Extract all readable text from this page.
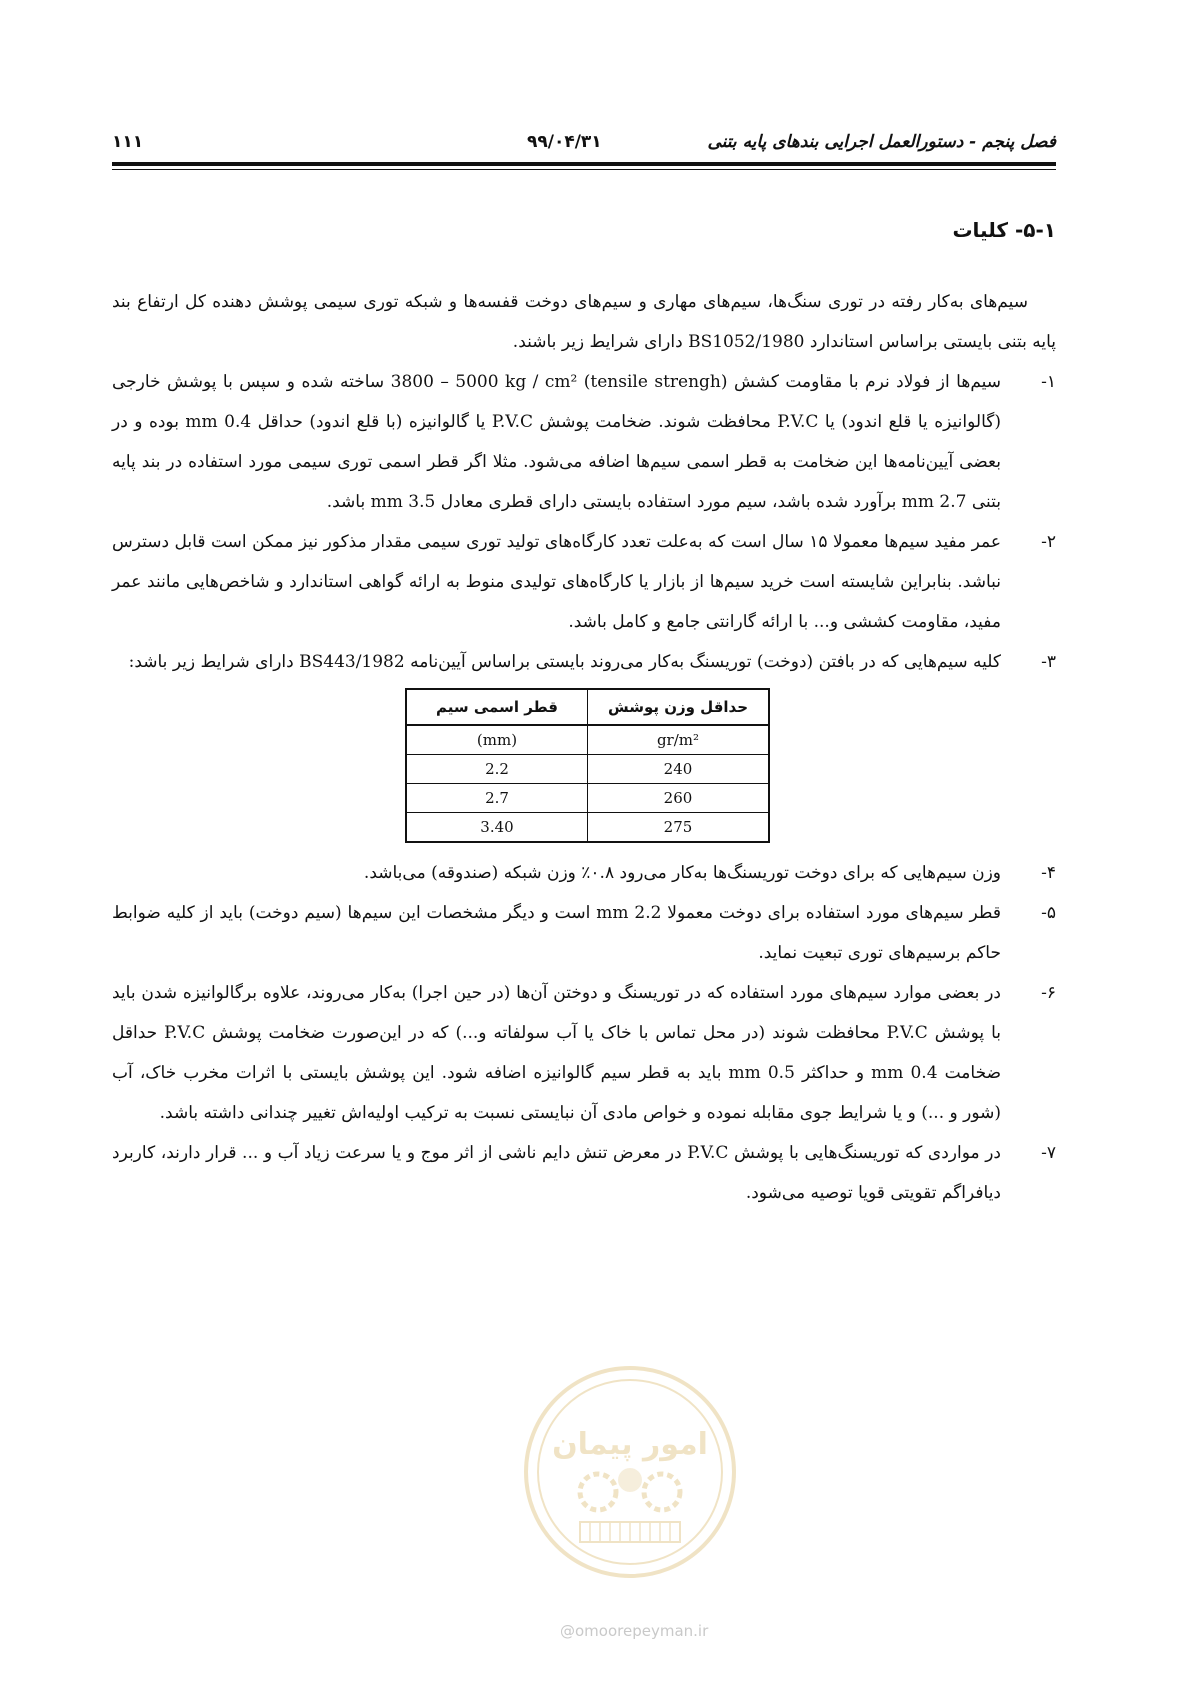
فصل پنجم - دستورالعمل اجرایی بندهای پایه بتنی
۹۹/۰۴/۳۱
۱۱۱
۵-۱- کلیات

سیم‌های به‌کار رفته در توری سنگ‌ها، سیم‌های مهاری و سیم‌های دوخت قفسه‌ها و شبکه توری سیمی پوشش دهنده کل ارتفاع بند پایه بتنی بایستی براساس استاندارد BS1052/1980 دارای شرایط زیر باشند.

۱-
سیم‌ها از فولاد نرم با مقاومت کشش (tensile strengh) 3800 – 5000 kg / cm² ساخته شده و سپس با پوشش خارجی (گالوانیزه یا قلع اندود) یا P.V.C محافظت شوند. ضخامت پوشش P.V.C یا گالوانیزه (با قلع اندود) حداقل 0.4 mm بوده و در بعضی آیین‌نامه‌ها این ضخامت به قطر اسمی سیم‌ها اضافه می‌شود. مثلا اگر قطر اسمی توری سیمی مورد استفاده در بند پایه بتنی 2.7 mm برآورد شده باشد، سیم مورد استفاده بایستی دارای قطری معادل 3.5 mm باشد.

۲-
عمر مفید سیم‌ها معمولا ۱۵ سال است که به‌علت تعدد کارگاه‌های تولید توری سیمی مقدار مذکور نیز ممکن است قابل دسترس نباشد. بنابراین شایسته است خرید سیم‌ها از بازار یا کارگاه‌های تولیدی منوط به ارائه گواهی استاندارد و شاخص‌هایی مانند عمر مفید، مقاومت کششی و... با ارائه گارانتی جامع و کامل باشد.

۳-
کلیه سیم‌هایی که در بافتن (دوخت) توریسنگ به‌کار می‌روند بایستی براساس آیین‌نامه BS443/1982 دارای شرایط زیر باشد:

قطر اسمی سیم	حداقل وزن پوشش
(mm)	gr/m²
2.2	240
2.7	260
3.40	275

۴-
وزن سیم‌هایی که برای دوخت توریسنگ‌ها به‌کار می‌رود ۰.۸٪ وزن شبکه (صندوقه) می‌باشد.

۵-
قطر سیم‌های مورد استفاده برای دوخت معمولا 2.2 mm است و دیگر مشخصات این سیم‌ها (سیم دوخت) باید از کلیه ضوابط حاکم برسیم‌های توری تبعیت نماید.

۶-
در بعضی موارد سیم‌های مورد استفاده که در توریسنگ و دوختن آن‌ها (در حین اجرا) به‌کار می‌روند، علاوه برگالوانیزه شدن باید با پوشش P.V.C محافظت شوند (در محل تماس با خاک یا آب سولفاته و...) که در این‌صورت ضخامت پوشش P.V.C حداقل ضخامت 0.4 mm و حداکثر 0.5 mm باید به قطر سیم گالوانیزه اضافه شود. این پوشش بایستی با اثرات مخرب خاک، آب (شور و ...) و یا شرایط جوی مقابله نموده و خواص مادی آن نبایستی نسبت به ترکیب اولیه‌اش تغییر چندانی داشته باشد.

۷-
در مواردی که توریسنگ‌هایی با پوشش P.V.C در معرض تنش دایم ناشی از اثر موج و یا سرعت زیاد آب و ... قرار دارند، کاربرد دیافراگم تقویتی قویا توصیه می‌شود.

امور پیمان
@omoorepeyman.ir
